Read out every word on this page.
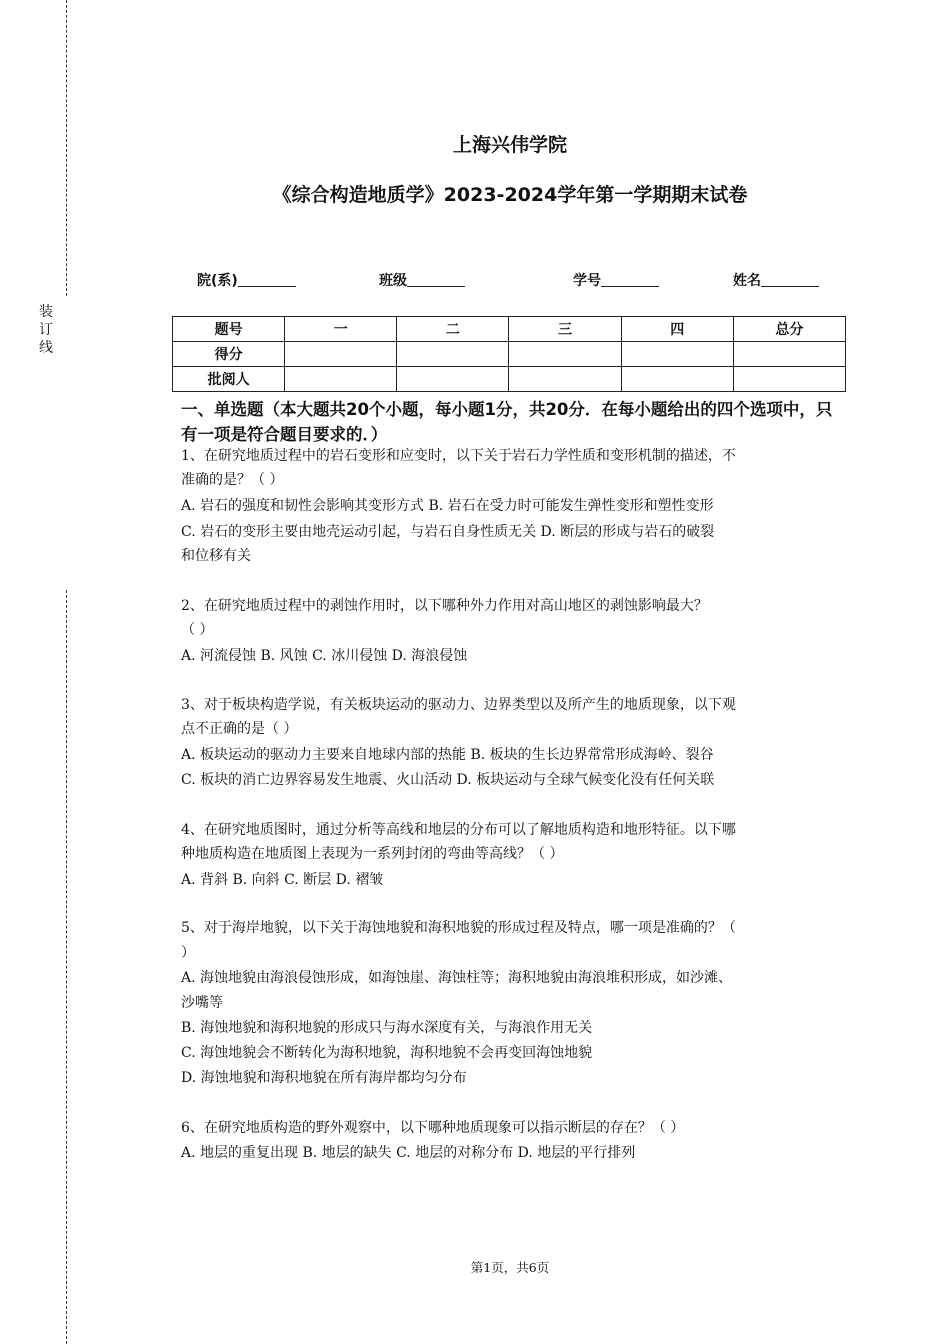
装
订
线
上海兴伟学院
《综合构造地质学》2023-2024学年第一学期期末试卷
院(系)	班级	学号	姓名
题号	一	二	三	四	总分
得分					
批阅人					
一、单选题（本大题共20个小题，每小题1分，共20分．在每小题给出的四个选项中，只有一项是符合题目要求的．）
1、在研究地质过程中的岩石变形和应变时，以下关于岩石力学性质和变形机制的描述，不
准确的是？（ ）
A. 岩石的强度和韧性会影响其变形方式 B. 岩石在受力时可能发生弹性变形和塑性变形
C. 岩石的变形主要由地壳运动引起，与岩石自身性质无关 D. 断层的形成与岩石的破裂
和位移有关
2、在研究地质过程中的剥蚀作用时，以下哪种外力作用对高山地区的剥蚀影响最大？
（ ）
A. 河流侵蚀 B. 风蚀 C. 冰川侵蚀 D. 海浪侵蚀
3、对于板块构造学说，有关板块运动的驱动力、边界类型以及所产生的地质现象，以下观
点不正确的是（ ）
A. 板块运动的驱动力主要来自地球内部的热能 B. 板块的生长边界常常形成海岭、裂谷
C. 板块的消亡边界容易发生地震、火山活动 D. 板块运动与全球气候变化没有任何关联
4、在研究地质图时，通过分析等高线和地层的分布可以了解地质构造和地形特征。以下哪
种地质构造在地质图上表现为一系列封闭的弯曲等高线？（ ）
A. 背斜 B. 向斜 C. 断层 D. 褶皱
5、对于海岸地貌，以下关于海蚀地貌和海积地貌的形成过程及特点，哪一项是准确的？（
）
A. 海蚀地貌由海浪侵蚀形成，如海蚀崖、海蚀柱等；海积地貌由海浪堆积形成，如沙滩、
沙嘴等
B. 海蚀地貌和海积地貌的形成只与海水深度有关，与海浪作用无关
C. 海蚀地貌会不断转化为海积地貌，海积地貌不会再变回海蚀地貌
D. 海蚀地貌和海积地貌在所有海岸都均匀分布
6、在研究地质构造的野外观察中，以下哪种地质现象可以指示断层的存在？（ ）
A. 地层的重复出现 B. 地层的缺失 C. 地层的对称分布 D. 地层的平行排列
第1页，共6页
